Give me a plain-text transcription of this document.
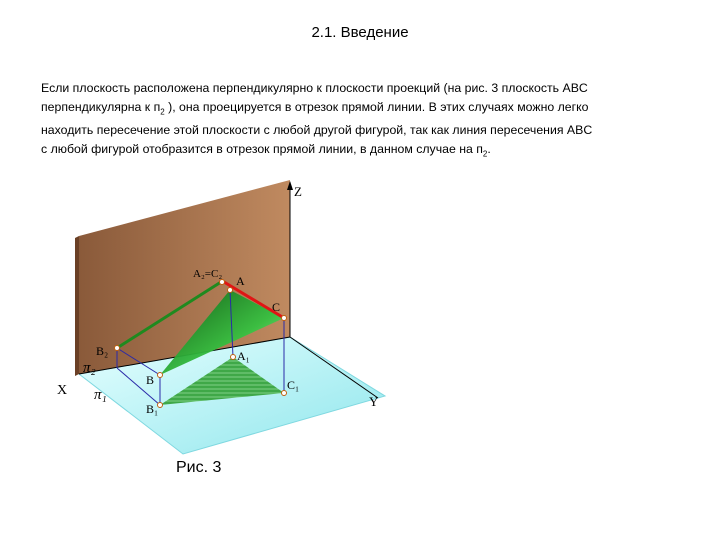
2.1. Введение
Если плоскость расположена перпендикулярно к плоскости проекций (на рис. 3 плоскость ABC
перпендикулярна к $п_2$ ), она проецируется в отрезок прямой линии. В этих случаях можно легко
находить пересечение этой плоскости с любой другой фигурой, так как линия пересечения ABC
с любой фигурой отобразится в отрезок прямой линии, в данном случае на $п_2$.
Z
X
Y
A₂=C₂ A
C
B₂
π₂
π₁
B
B₁
A₁
C₁
Рис. 3
